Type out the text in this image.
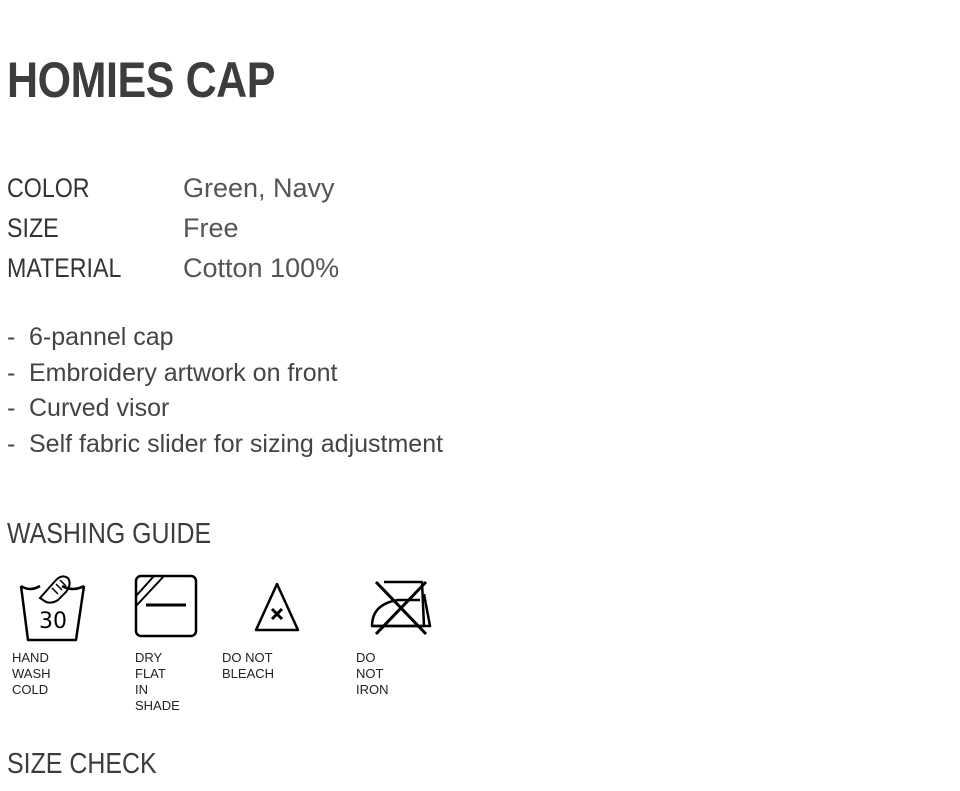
HOMIES CAP
COLOR	Green, Navy
SIZE	Free
MATERIAL	Cotton 100%
- 6-pannel cap
- Embroidery artwork on front
- Curved visor
- Self fabric slider for sizing adjustment
WASHING GUIDE
30
HAND WASH
COLD
DRY FLAT
IN SHADE
DO NOT BLEACH
DO NOT IRON
SIZE CHECK
